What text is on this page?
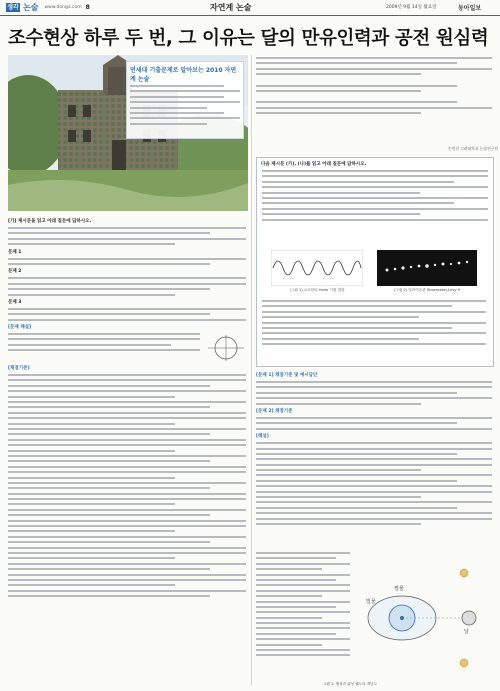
생각 논술 www.donga.com 8	자연계 논술	2009년 9월 14일 월요일	동아일보
조수현상 하루 두 번, 그 이유는 달의 만유인력과 공전 원심력
연세대 기출문제로 알아보는 2010 자연계 논술
손범진 고려대학교 논술연구원
다음 제시문 (가), (나)를 읽고 아래 질문에 답하시오.
(그림 1) 오르하임 Holm 시험 결과	(그림 2) 밀러이운관 Shoemaker-Levy 9
[가] 제시문을 읽고 아래 질문에 답하시오.
문제 1
문제 2
문제 3
[문제 해설]
[채점기준]
[문제 1] 채점기준 및 예시답안
[문제 2] 채점기준
[해설]
밀물
썰물
달
그림 1. 행성과 위성 궤도의 개념도
